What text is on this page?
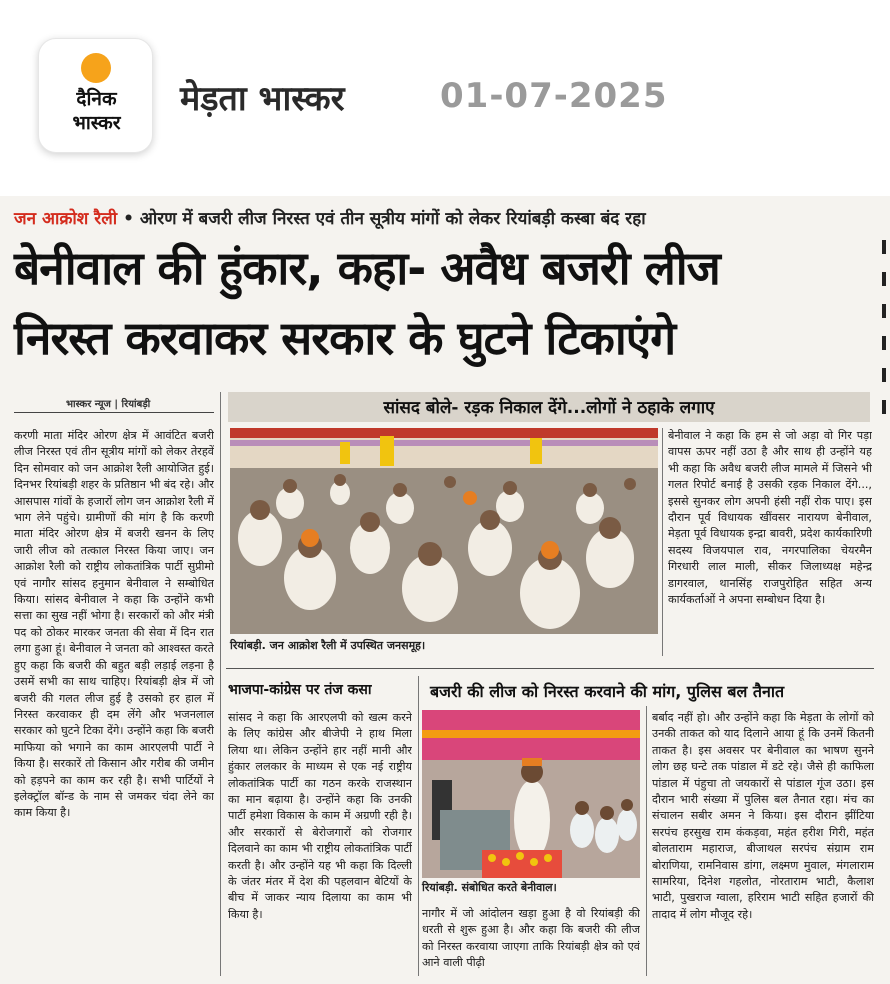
दैनिक
भास्कर
मेड़ता भास्कर	01-07-2025
जन आक्रोश रैली • ओरण में बजरी लीज निरस्त एवं तीन सूत्रीय मांगों को लेकर रियांबड़ी कस्बा बंद रहा
बेनीवाल की हुंकार, कहा- अवैध बजरी लीज
निरस्त करवाकर सरकार के घुटने टिकाएंगे
भास्कर न्यूज | रियांबड़ी
करणी माता मंदिर ओरण क्षेत्र में आवंटित बजरी लीज निरस्त एवं तीन सूत्रीय मांगों को लेकर तेरहवें दिन सोमवार को जन आक्रोश रैली आयोजित हुई। दिनभर रियांबड़ी शहर के प्रतिष्ठान भी बंद रहे। और आसपास गांवों के हजारों लोग जन आक्रोश रैली में भाग लेने पहुंचे। ग्रामीणों की मांग है कि करणी माता मंदिर ओरण क्षेत्र में बजरी खनन के लिए जारी लीज को तत्काल निरस्त किया जाए। जन आक्रोश रैली को राष्ट्रीय लोकतांत्रिक पार्टी सुप्रीमो एवं नागौर सांसद हनुमान बेनीवाल ने सम्बोधित किया। सांसद बेनीवाल ने कहा कि उन्होंने कभी सत्ता का सुख नहीं भोगा है। सरकारों को और मंत्री पद को ठोकर मारकर जनता की सेवा में दिन रात लगा हुआ हूं। बेनीवाल ने जनता को आश्वस्त करते हुए कहा कि बजरी की बहुत बड़ी लड़ाई लड़ना है उसमें सभी का साथ चाहिए। रियांबड़ी क्षेत्र में जो बजरी की गलत लीज हुई है उसको हर हाल में निरस्त करवाकर ही दम लेंगे और भजनलाल सरकार को घुटने टिका देंगे। उन्होंने कहा कि बजरी माफिया को भगाने का काम आरएलपी पार्टी ने किया है। सरकारें तो किसान और गरीब की जमीन को हड़पने का काम कर रही है। सभी पार्टियों ने इलेक्ट्रॉल बॉन्ड के नाम से जमकर चंदा लेने का काम किया है।
सांसद बोले- रड़क निकाल देंगे...लोगों ने ठहाके लगाए
रियांबड़ी. जन आक्रोश रैली में उपस्थित जनसमूह।
बेनीवाल ने कहा कि हम से जो अड़ा वो गिर पड़ा वापस ऊपर नहीं उठा है और साथ ही उन्होंने यह भी कहा कि अवैध बजरी लीज मामले में जिसने भी गलत रिपोर्ट बनाई है उसकी रड़क निकाल देंगे..., इससे सुनकर लोग अपनी हंसी नहीं रोक पाए। इस दौरान पूर्व विधायक खींवसर नारायण बेनीवाल, मेड़ता पूर्व विधायक इन्द्रा बावरी, प्रदेश कार्यकारिणी सदस्य विजयपाल राव, नगरपालिका चेयरमैन गिरधारी लाल माली, सीकर जिलाध्यक्ष महेन्द्र डागरवाल, थानसिंह राजपुरोहित सहित अन्य कार्यकर्ताओं ने अपना सम्बोधन दिया है।
भाजपा-कांग्रेस पर तंज कसा	बजरी की लीज को निरस्त करवाने की मांग, पुलिस बल तैनात
सांसद ने कहा कि आरएलपी को खत्म करने के लिए कांग्रेस और बीजेपी ने हाथ मिला लिया था। लेकिन उन्होंने हार नहीं मानी और हुंकार ललकार के माध्यम से एक नई राष्ट्रीय लोकतांत्रिक पार्टी का गठन करके राजस्थान का मान बढ़ाया है। उन्होंने कहा कि उनकी पार्टी हमेशा विकास के काम में अग्रणी रही है। और सरकारों से बेरोजगारों को रोजगार दिलवाने का काम भी राष्ट्रीय लोकतांत्रिक पार्टी करती है। और उन्होंने यह भी कहा कि दिल्ली के जंतर मंतर में देश की पहलवान बेटियों के बीच में जाकर न्याय दिलाया का काम भी किया है।
रियांबड़ी. संबोधित करते बेनीवाल।
नागौर में जो आंदोलन खड़ा हुआ है वो रियांबड़ी की धरती से शुरू हुआ है। और कहा कि बजरी की लीज को निरस्त करवाया जाएगा ताकि रियांबड़ी क्षेत्र को एवं आने वाली पीढ़ी
बर्बाद नहीं हो। और उन्होंने कहा कि मेड़ता के लोगों को उनकी ताकत को याद दिलाने आया हूं कि उनमें कितनी ताकत है। इस अवसर पर बेनीवाल का भाषण सुनने लोग छह घन्टे तक पांडाल में डटे रहे। जैसे ही काफिला पांडाल में पंहुचा तो जयकारों से पांडाल गूंज उठा। इस दौरान भारी संख्या में पुलिस बल तैनात रहा। मंच का संचालन सबीर अमन ने किया। इस दौरान झींटिया सरपंच हरसुख राम कंकड़वा, महंत हरीश गिरी, महंत बोलताराम महाराज, बीजाथल सरपंच संग्राम राम बोराणिया, रामनिवास डांगा, लक्ष्मण मुवाल, मंगलाराम सामरिया, दिनेश गहलोत, नोरताराम भाटी, कैलाश भाटी, पुखराज ग्वाला, हरिराम भाटी सहित हजारों की तादाद में लोग मौजूद रहे।
